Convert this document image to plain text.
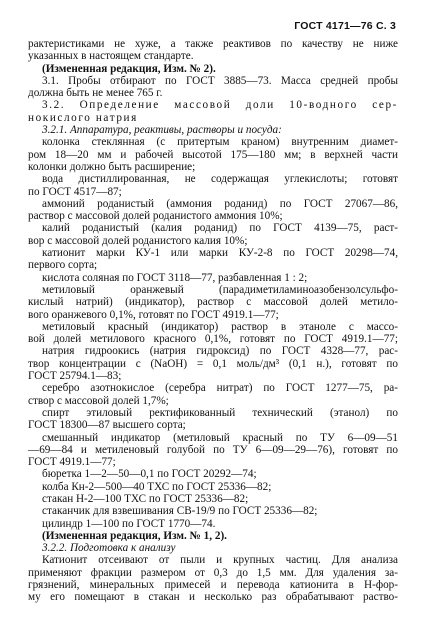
ГОСТ 4171—76 С. 3
рактеристиками не хуже, а также реактивов по качеству не ниже
указанных в настоящем стандарте.
(Измененная редакция, Изм. № 2).
3.1. Пробы отбирают по ГОСТ 3885—73. Масса средней пробы
должна быть не менее 765 г.
3.2. Определение массовой доли 10-водного сер-
нокислого натрия
3.2.1. Аппаратура, реактивы, растворы и посуда:
колонка стеклянная (с притертым краном) внутренним диамет-
ром 18—20 мм и рабочей высотой 175—180 мм; в верхней части
колонки должно быть расширение;
вода дистиллированная, не содержащая углекислоты; готовят
по ГОСТ 4517—87;
аммоний роданистый (аммония роданид) по ГОСТ 27067—86,
раствор с массовой долей роданистого аммония 10%;
калий роданистый (калия роданид) по ГОСТ 4139—75, раст-
вор с массовой долей роданистого калия 10%;
катионит марки КУ-1 или марки КУ-2-8 по ГОСТ 20298—74,
первого сорта;
кислота соляная по ГОСТ 3118—77, разбавленная 1 : 2;
метиловый оранжевый (парадиметиламиноазобензолсульфо-
кислый натрий) (индикатор), раствор с массовой долей метило-
вого оранжевого 0,1%, готовят по ГОСТ 4919.1—77;
метиловый красный (индикатор) раствор в этаноле с массо-
вой долей метилового красного 0,1%, готовят по ГОСТ 4919.1—77;
натрия гидроокись (натрия гидроксид) по ГОСТ 4328—77, рас-
твор концентрации с (NaOH) = 0,1 моль/дм³ (0,1 н.), готовят по
ГОСТ 25794.1—83;
серебро азотнокислое (серебра нитрат) по ГОСТ 1277—75, ра-
створ с массовой долей 1,7%;
спирт этиловый ректификованный технический (этанол) по
ГОСТ 18300—87 высшего сорта;
смешанный индикатор (метиловый красный по ТУ 6—09—51
—69—84 и метиленовый голубой по ТУ 6—09—29—76), готовят по
ГОСТ 4919.1—77;
бюретка 1—2—50—0,1 по ГОСТ 20292—74;
колба Кн-2—500—40 ТХС по ГОСТ 25336—82;
стакан Н-2—100 ТХС по ГОСТ 25336—82;
стаканчик для взвешивания СВ-19/9 по ГОСТ 25336—82;
цилиндр 1—100 по ГОСТ 1770—74.
(Измененная редакция, Изм. № 1, 2).
3.2.2. Подготовка к анализу
Катионит отсеивают от пыли и крупных частиц. Для анализа
применяют фракции размером от 0,3 до 1,5 мм. Для удаления за-
грязнений, минеральных примесей и перевода катионита в Н-фор-
му его помещают в стакан и несколько раз обрабатывают раство-
